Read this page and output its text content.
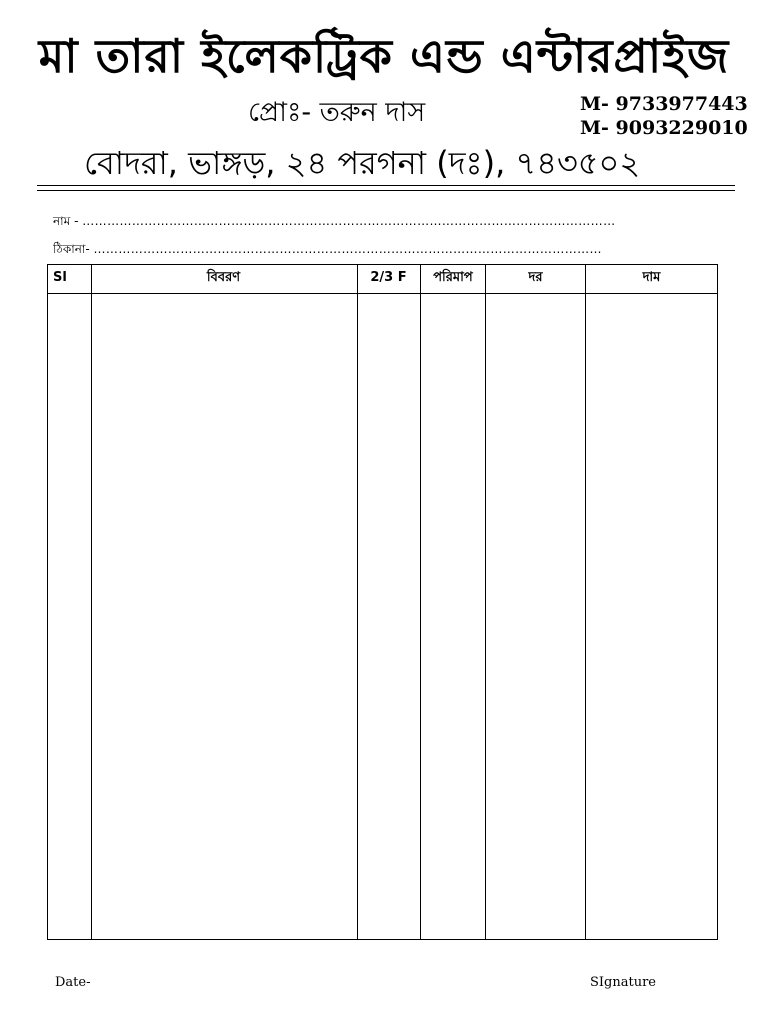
মা তারা ইলেকট্রিক এন্ড এন্টারপ্রাইজ
প্রোঃ- তরুন দাস	M- 9733977443
M- 9093229010
বোদরা, ভাঙ্গড়, ২৪ পরগনা (দঃ), ৭৪৩৫০২
নাম - …………………………………………………………………………………………………………………
ঠিকানা- ……………………………………………………………………………………………………………
Sl	বিবরণ	2/3 F	পরিমাপ	দর	দাম
Date-	SIgnature
